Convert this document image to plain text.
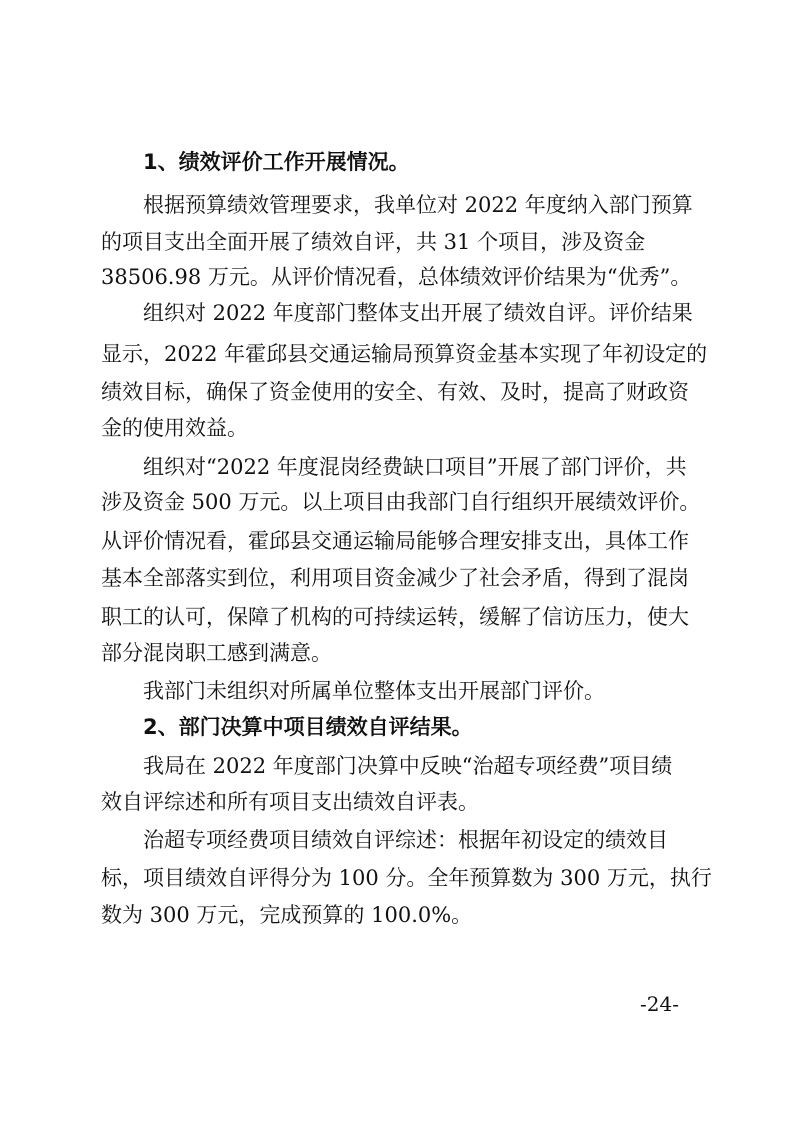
1、绩效评价工作开展情况。

根据预算绩效管理要求，我单位对 2022 年度纳入部门预算

的项目支出全面开展了绩效自评，共 31 个项目，涉及资金

38506.98 万元。从评价情况看，总体绩效评价结果为“优秀”。

组织对 2022 年度部门整体支出开展了绩效自评。评价结果

显示，2022 年霍邱县交通运输局预算资金基本实现了年初设定的

绩效目标，确保了资金使用的安全、有效、及时，提高了财政资

金的使用效益。

组织对“2022 年度混岗经费缺口项目”开展了部门评价，共

涉及资金 500 万元。以上项目由我部门自行组织开展绩效评价。

从评价情况看，霍邱县交通运输局能够合理安排支出，具体工作

基本全部落实到位，利用项目资金减少了社会矛盾，得到了混岗

职工的认可，保障了机构的可持续运转，缓解了信访压力，使大

部分混岗职工感到满意。

我部门未组织对所属单位整体支出开展部门评价。

2、部门决算中项目绩效自评结果。

我局在 2022 年度部门决算中反映“治超专项经费”项目绩

效自评综述和所有项目支出绩效自评表。

治超专项经费项目绩效自评综述：根据年初设定的绩效目

标，项目绩效自评得分为 100 分。全年预算数为 300 万元，执行

数为 300 万元，完成预算的 100.0%。

-24-
